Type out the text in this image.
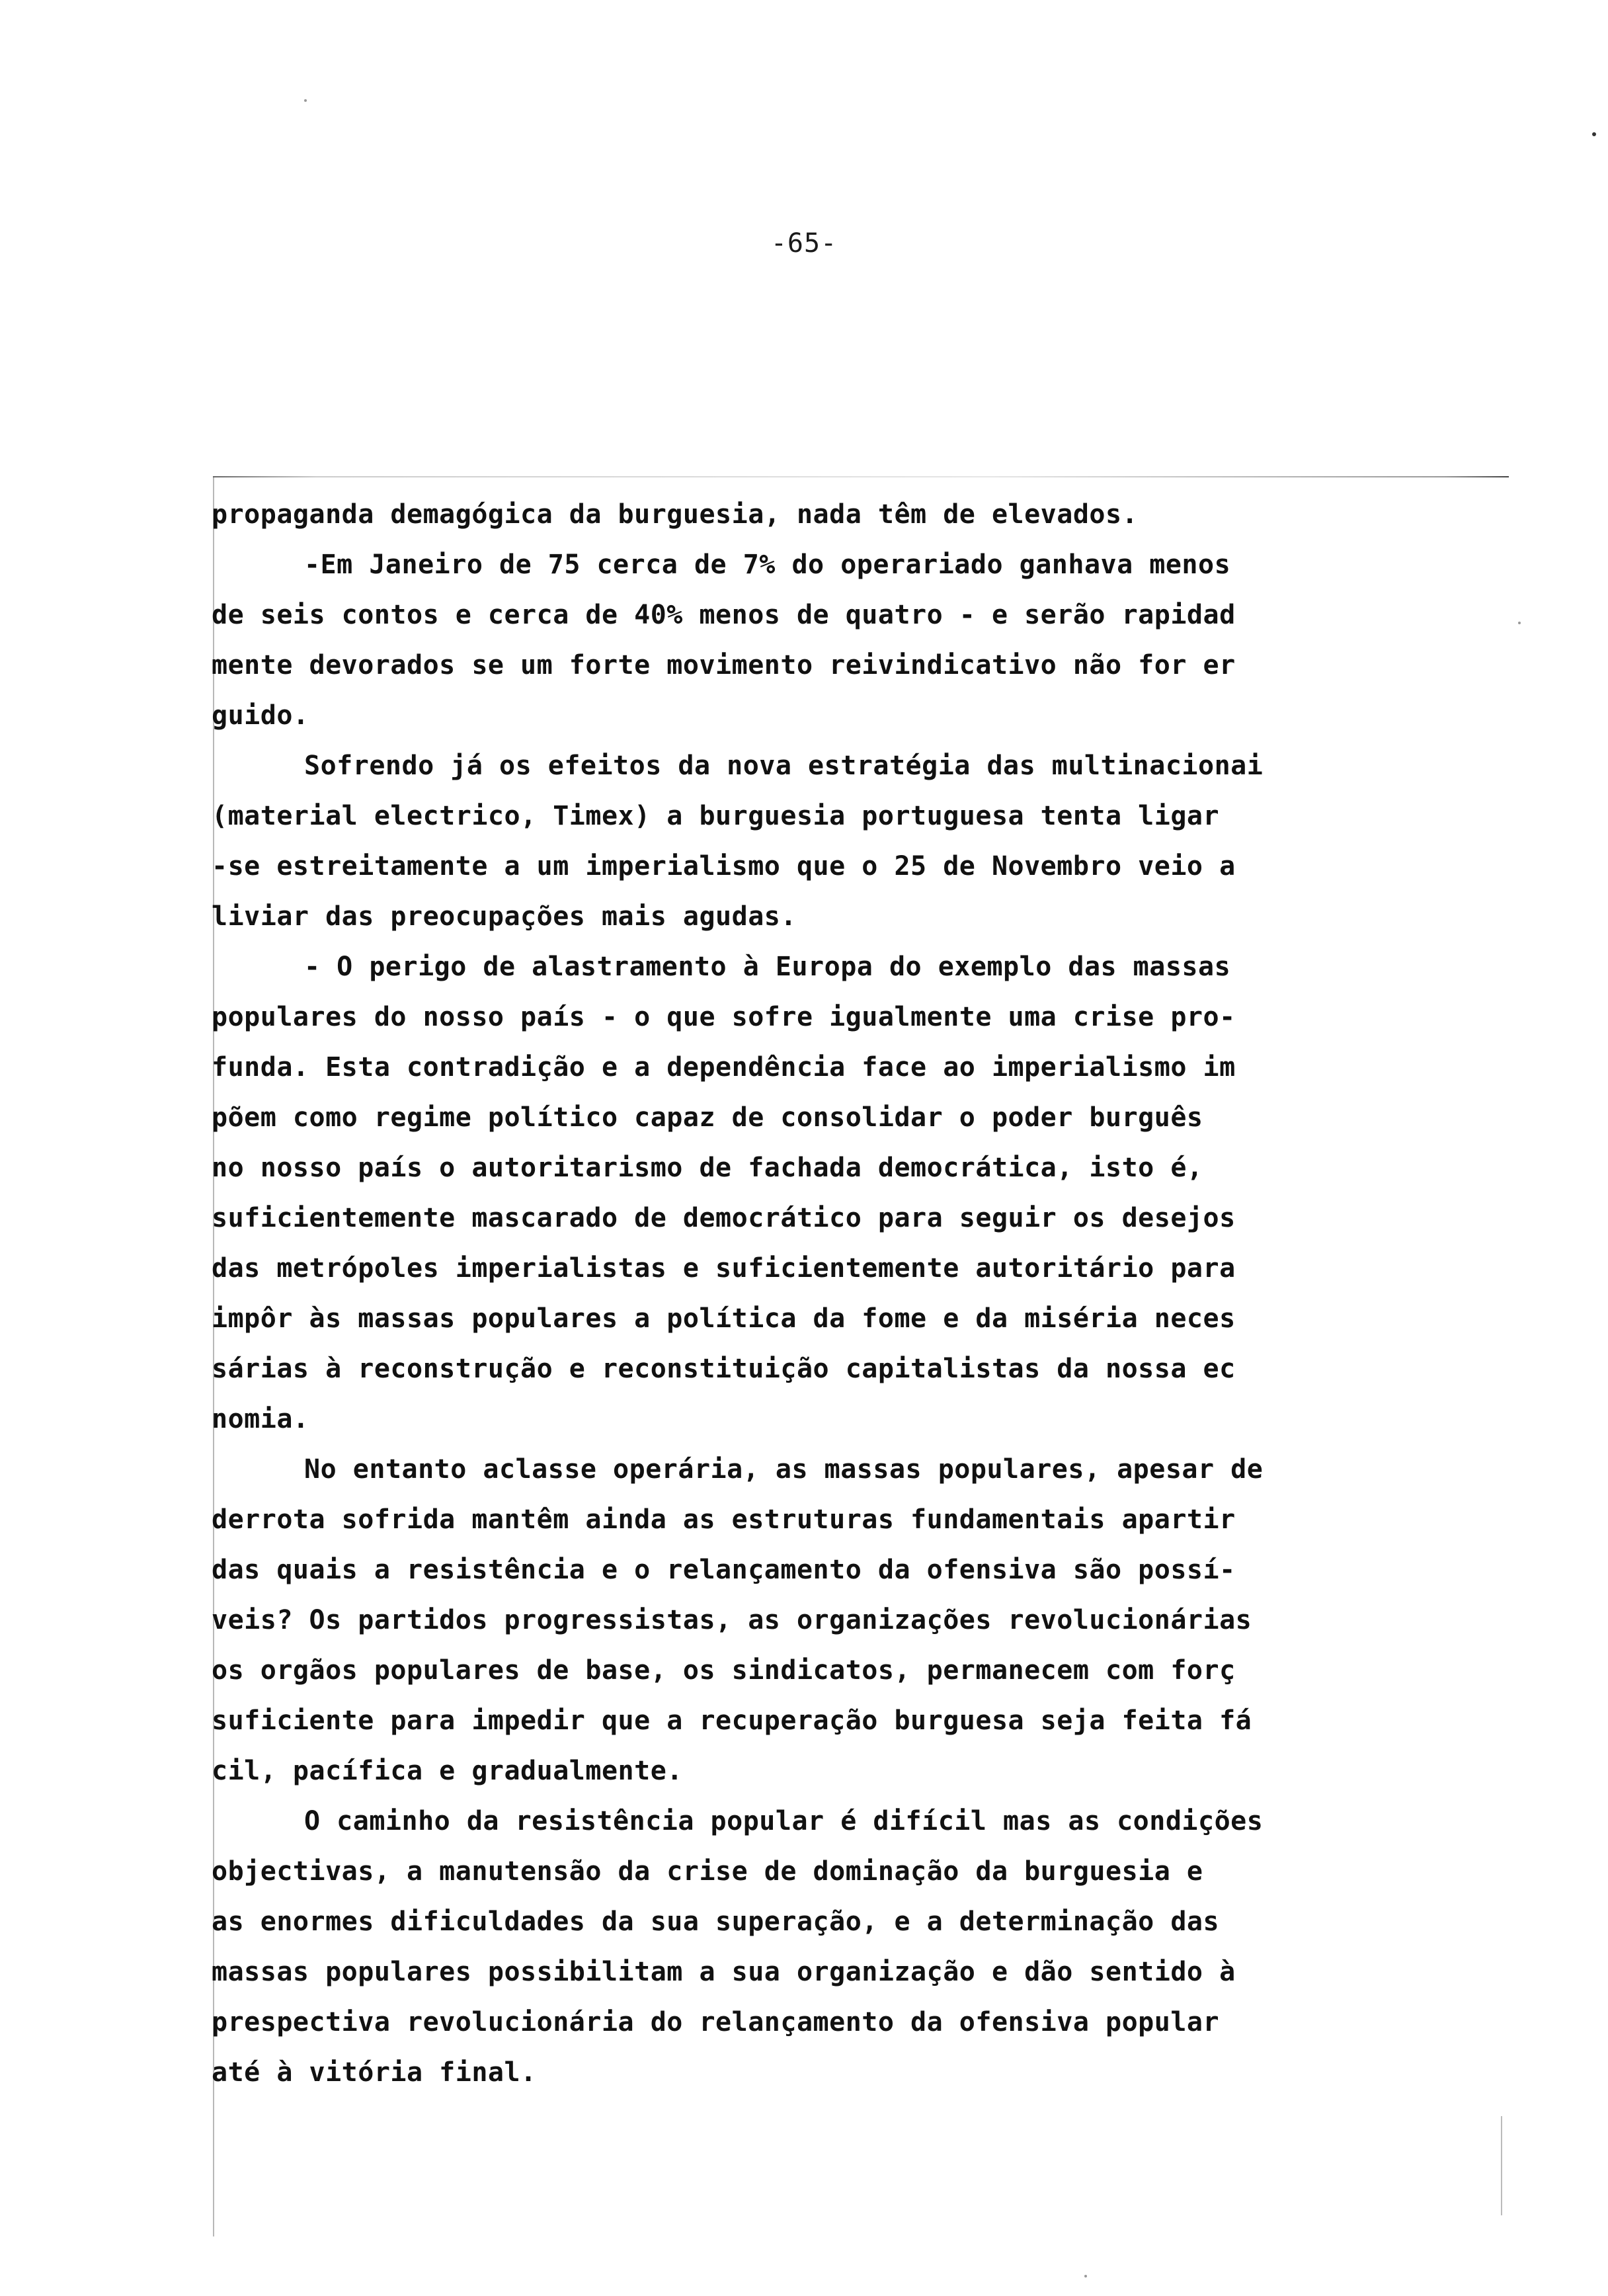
-65-
propaganda demagógica da burguesia, nada têm de elevados.
-Em Janeiro de 75 cerca de 7% do operariado ganhava menos
de seis contos e cerca de 40% menos de quatro - e serão rapidad
mente devorados se um forte movimento reivindicativo não for er
guido.
Sofrendo já os efeitos da nova estratégia das multinacionai
(material electrico, Timex) a burguesia portuguesa tenta ligar
-se estreitamente a um imperialismo que o 25 de Novembro veio a
liviar das preocupações mais agudas.
- O perigo de alastramento à Europa do exemplo das massas
populares do nosso país - o que sofre igualmente uma crise pro-
funda. Esta contradição e a dependência face ao imperialismo im
põem como regime político capaz de consolidar o poder burguês
no nosso país o autoritarismo de fachada democrática, isto é,
suficientemente mascarado de democrático para seguir os desejos
das metrópoles imperialistas e suficientemente autoritário para
impôr às massas populares a política da fome e da miséria neces
sárias à reconstrução e reconstituição capitalistas da nossa ec
nomia.
No entanto aclasse operária, as massas populares, apesar de
derrota sofrida mantêm ainda as estruturas fundamentais apartir
das quais a resistência e o relançamento da ofensiva são possí-
veis? Os partidos progressistas, as organizações revolucionárias
os orgãos populares de base, os sindicatos, permanecem com forç
suficiente para impedir que a recuperação burguesa seja feita fá
cil, pacífica e gradualmente.
O caminho da resistência popular é difícil mas as condições
objectivas, a manutensão da crise de dominação da burguesia e
as enormes dificuldades da sua superação, e a determinação das
massas populares possibilitam a sua organização e dão sentido à
prespectiva revolucionária do relançamento da ofensiva popular
até à vitória final.
